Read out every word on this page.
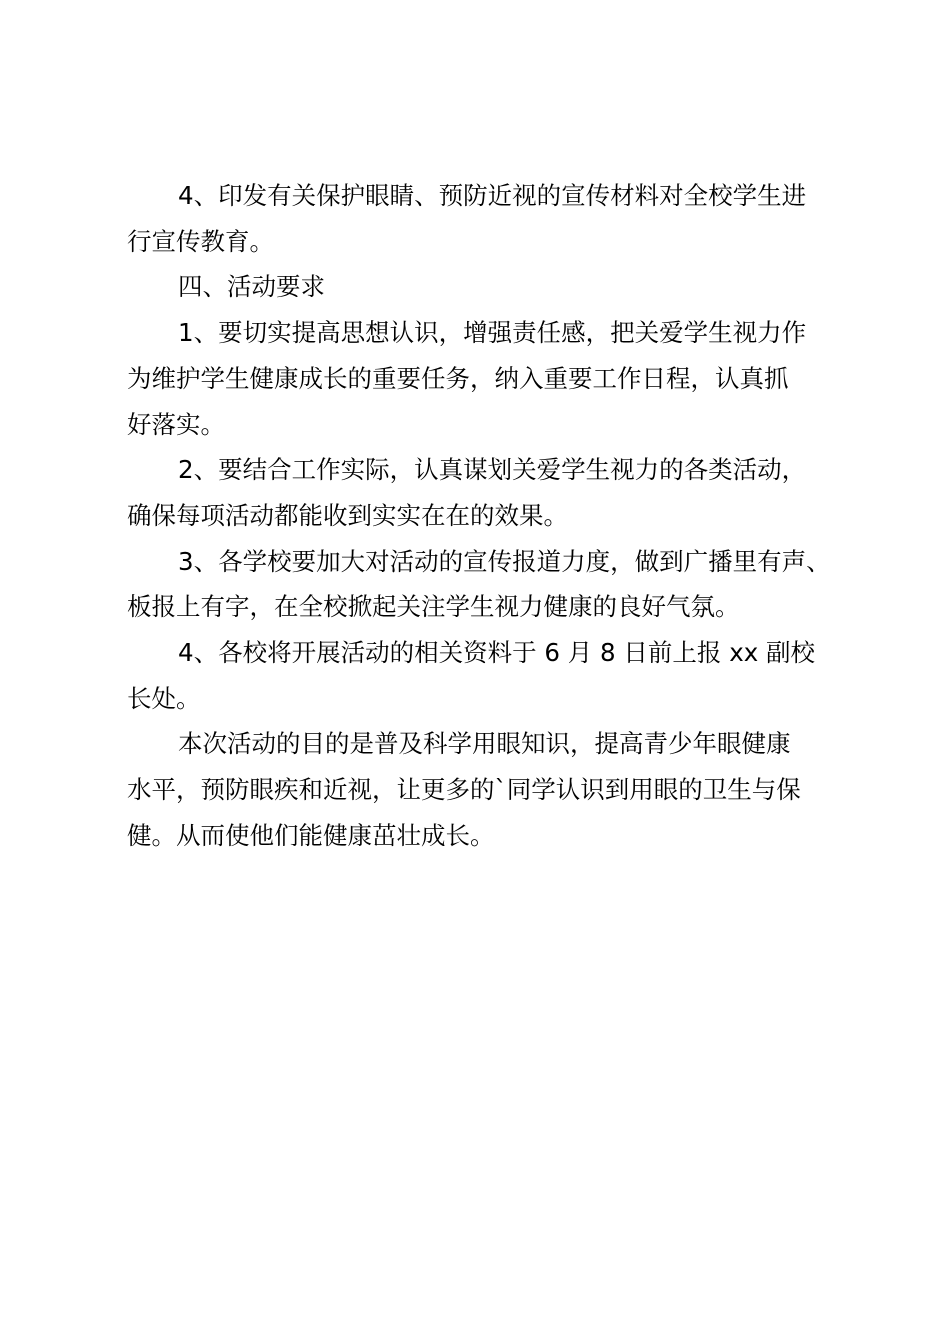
4、印发有关保护眼睛、预防近视的宣传材料对全校学生进
行宣传教育。

四、活动要求

1、要切实提高思想认识，增强责任感，把关爱学生视力作
为维护学生健康成长的重要任务，纳入重要工作日程，认真抓
好落实。

2、要结合工作实际，认真谋划关爱学生视力的各类活动，
确保每项活动都能收到实实在在的效果。

3、各学校要加大对活动的宣传报道力度，做到广播里有声、
板报上有字，在全校掀起关注学生视力健康的良好气氛。

4、各校将开展活动的相关资料于 6 月 8 日前上报 xx 副校
长处。

本次活动的目的是普及科学用眼知识，提高青少年眼健康
水平，预防眼疾和近视，让更多的`同学认识到用眼的卫生与保
健。从而使他们能健康茁壮成长。
